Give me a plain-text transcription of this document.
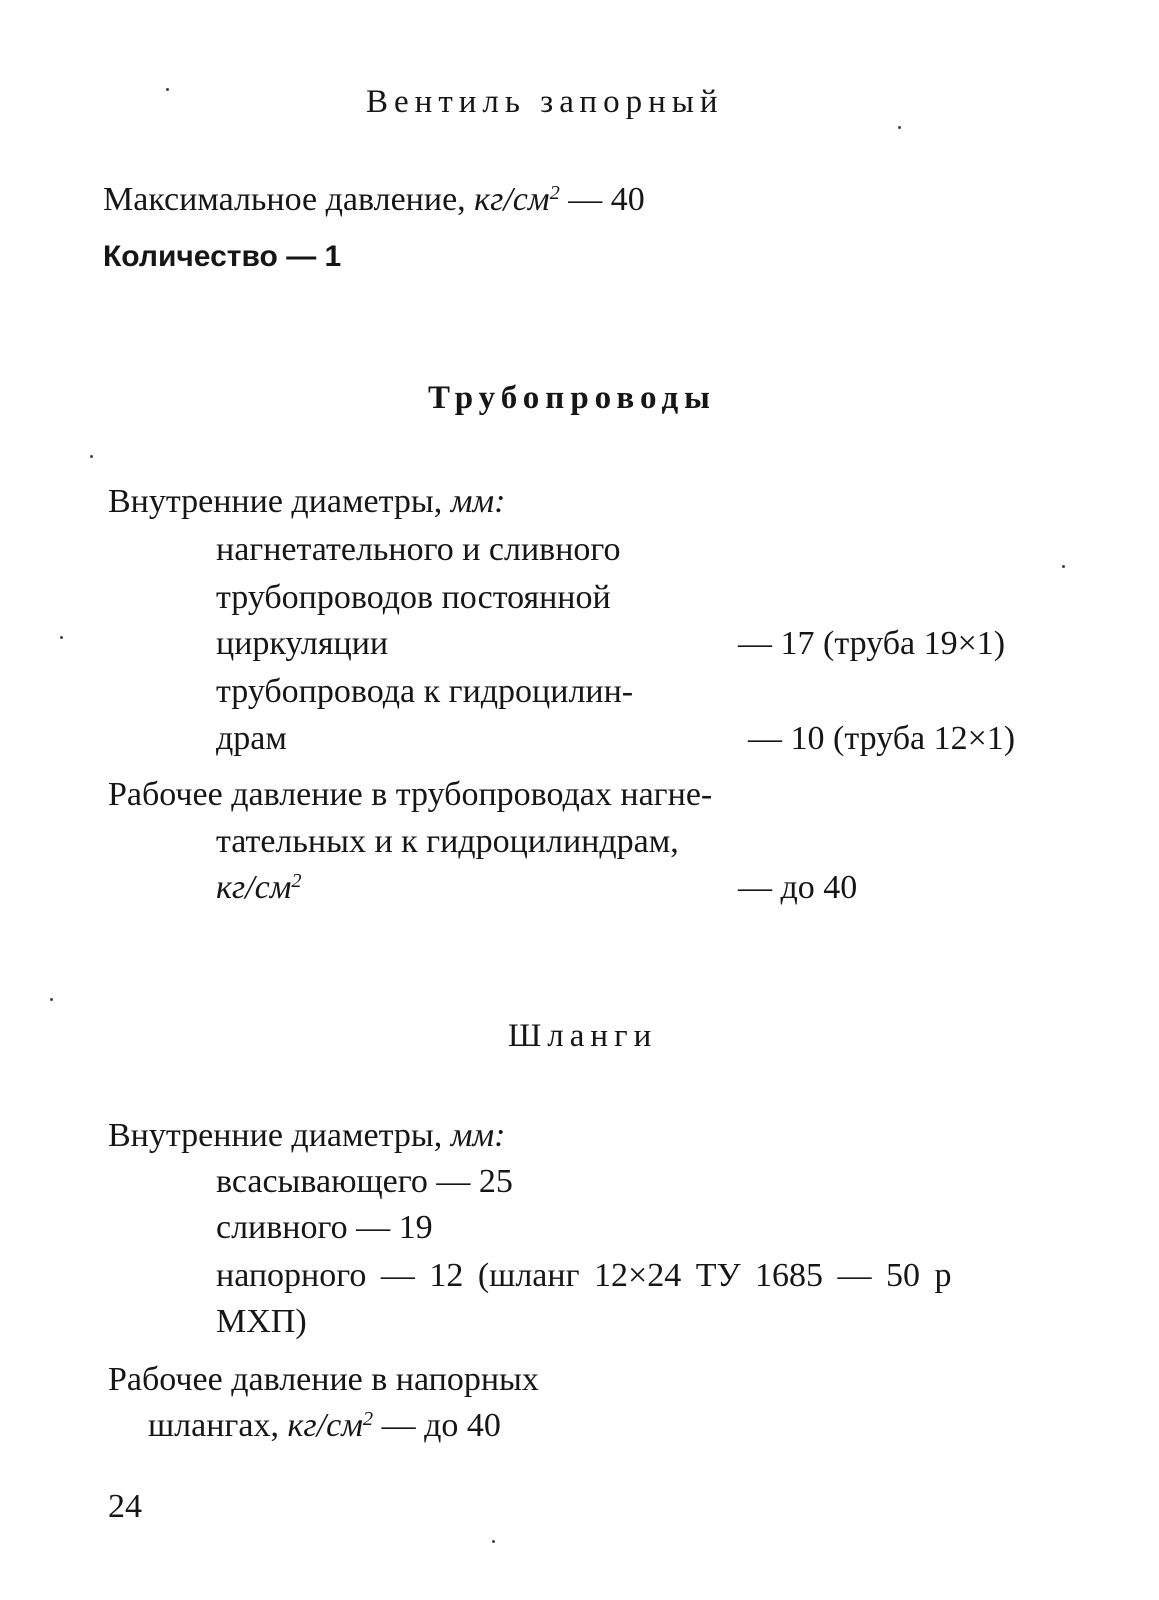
Вентиль запорный
Максимальное давление, $кг/см^2$ — 40
Количество — 1
Трубопроводы
Внутренние диаметры, мм:
нагнетательного и сливного
трубопроводов постоянной
циркуляции	— 17 (труба 19×1)
трубопровода к гидроцилин-
драм	— 10 (труба 12×1)
Рабочее давление в трубопроводах нагне-
тательных и к гидроцилиндрам,
$кг/см^2$	— до 40
Шланги
Внутренние диаметры, мм:
всасывающего — 25
сливного — 19
напорного — 12 (шланг 12×24 ТУ 1685 — 50 р
МХП)
Рабочее давление в напорных
шлангах, $кг/см^2$ — до 40
24
